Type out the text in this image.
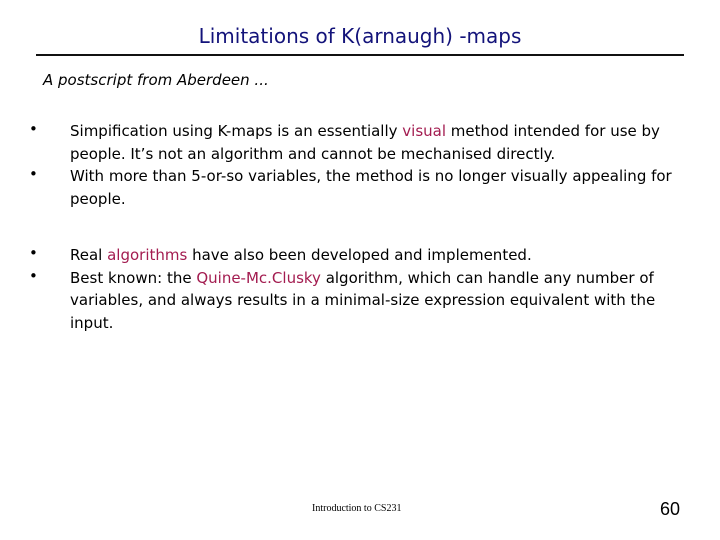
Limitations of K(arnaugh) -maps
A postscript from Aberdeen ...
• Simpification using K-maps is an essentially visual method intended for use by people. It’s not an algorithm and cannot be mechanised directly.
• With more than 5-or-so variables, the method is no longer visually appealing for people.
• Real algorithms have also been developed and implemented.
• Best known: the Quine-Mc.Clusky algorithm, which can handle any number of variables, and always results in a minimal-size expression equivalent with the input.
Introduction to CS231	60
